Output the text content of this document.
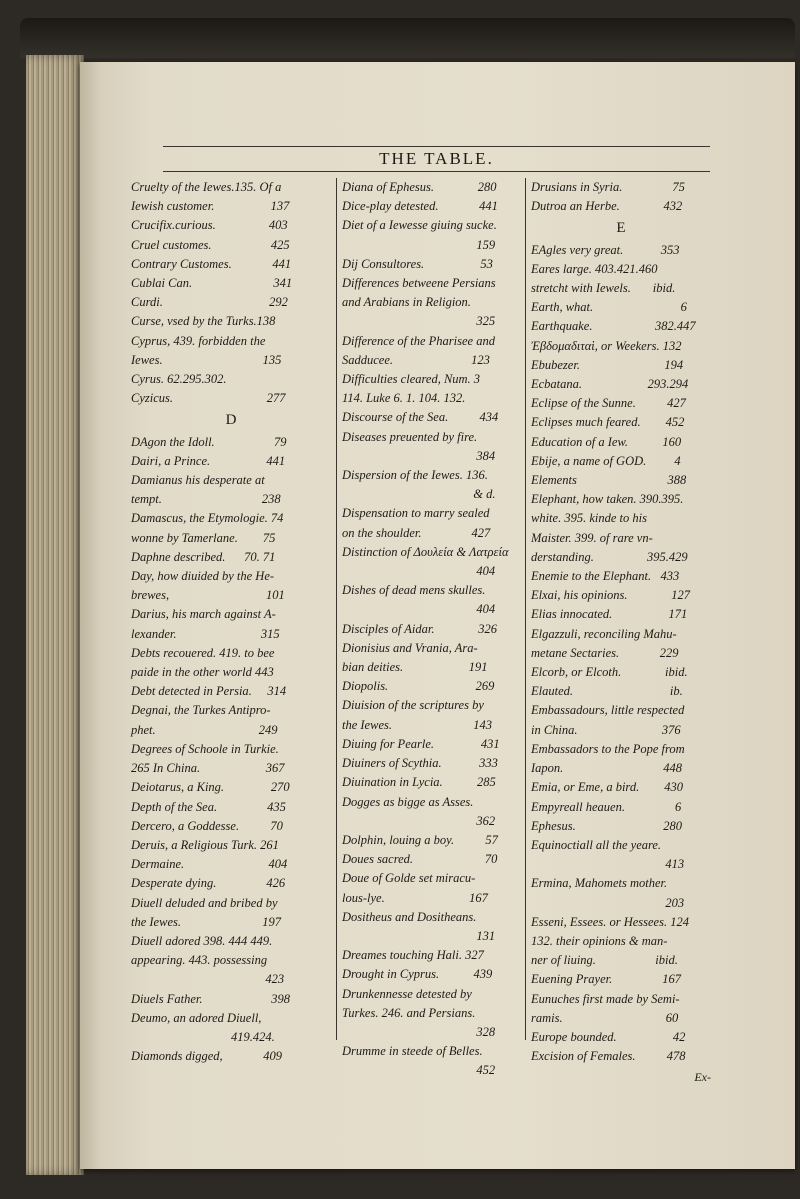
THE TABLE.
Cruelty of the Iewes.135. Of a
Iewish customer.                  137
Crucifix.curious.                 403
Cruel customes.                   425
Contrary Customes.             441
Cublai Can.                          341
Curdi.                                  292
Curse, vsed by the Turks.138
Cyprus, 439. forbidden the
Iewes.                                135
Cyrus. 62.295.302.
Cyzicus.                              277
D
DAgon the Idoll.                   79
Dairi, a Prince.                  441
Damianus his desperate at
tempt.                                238
Damascus, the Etymologie. 74
wonne by Tamerlane.        75
Daphne described.      70. 71
Day, how diuided by the He-
brewes,                               101
Darius, his march against A-
lexander.                           315
Debts recouered. 419. to bee
paide in the other world 443
Debt detected in Persia.     314
Degnai, the Turkes Antipro-
phet.                                 249
Degrees of Schoole in Turkie.
265 In China.                     367
Deiotarus, a King.               270
Depth of the Sea.                435
Dercero, a Goddesse.          70
Deruis, a Religious Turk. 261
Dermaine.                           404
Desperate dying.                426
Diuell deluded and bribed by
the Iewes.                          197
Diuell adored 398. 444 449.
appearing. 443. possessing
423
Diuels Father.                      398
Deumo, an adored Diuell,
419.424.
Diamonds digged,             409
Diana of Ephesus.              280
Dice-play detested.             441
Diet of a Iewesse giuing sucke.
159
Dij Consultores.                  53
Differences betweene Persians
and Arabians in Religion.
325
Difference of the Pharisee and
Sadducee.                         123
Difficulties cleared, Num. 3
114. Luke 6. 1. 104. 132.
Discourse of the Sea.          434
Diseases preuented by fire.
384
Dispersion of the Iewes. 136.
& d.
Dispensation to marry sealed
on the shoulder.                427
Distinction of Δουλεία & Λατρεία
404
Dishes of dead mens skulles.
404
Disciples of Aidar.              326
Dionisius and Vrania, Ara-
bian deities.                     191
Diopolis.                            269
Diuision of the scriptures by
the Iewes.                          143
Diuing for Pearle.               431
Diuiners of Scythia.            333
Diuination in Lycia.           285
Dogges as bigge as Asses.
362
Dolphin, louing a boy.          57
Doues sacred.                       70
Doue of Golde set miracu-
lous-lye.                           167
Dositheus and Dositheans.
131
Dreames touching Hali. 327
Drought in Cyprus.           439
Drunkennesse detested by
Turkes. 246. and Persians.
328
Drumme in steede of Belles.
452
Drusians in Syria.                75
Dutroa an Herbe.              432
E
EAgles very great.            353
Eares large. 403.421.460
stretcht with Iewels.       ibid.
Earth, what.                            6
Earthquake.                    382.447
Ἐβδομαδιταὶ, or Weekers. 132
Ebubezer.                           194
Ecbatana.                     293.294
Eclipse of the Sunne.          427
Eclipses much feared.        452
Education of a Iew.           160
Ebije, a name of GOD.         4
Elements                             388
Elephant, how taken. 390.395.
white. 395. kinde to his
Maister. 399. of rare vn-
derstanding.                 395.429
Enemie to the Elephant.   433
Elxai, his opinions.              127
Elias innocated.                  171
Elgazzuli, reconciling Mahu-
metane Sectaries.             229
Elcorb, or Elcoth.              ibid.
Elauted.                               ib.
Embassadours, little respected
in China.                           376
Embassadors to the Pope from
Iapon.                                448
Emia, or Eme, a bird.        430
Empyreall heauen.                6
Ephesus.                            280
Equinoctiall all the yeare.
413
Ermina, Mahomets mother.
203
Esseni, Essees. or Hessees. 124
132. their opinions & man-
ner of liuing.                   ibid.
Euening Prayer.                167
Eunuches first made by Semi-
ramis.                                 60
Europe bounded.                  42
Excision of Females.          478
Ex-
